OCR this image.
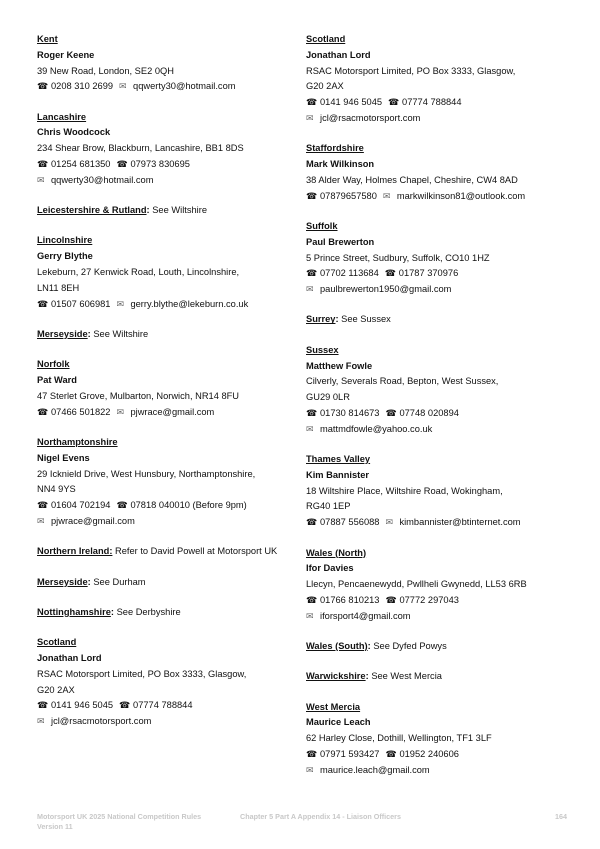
Kent
Roger Keene
39 New Road, London, SE2 0QH
☎ 0208 310 2699 ✉ qqwerty30@hotmail.com
Lancashire
Chris Woodcock
234 Shear Brow, Blackburn, Lancashire, BB1 8DS
☎ 01254 681350 ☎ 07973 830695
✉ qqwerty30@hotmail.com
Leicestershire & Rutland: See Wiltshire
Lincolnshire
Gerry Blythe
Lekeburn, 27 Kenwick Road, Louth, Lincolnshire,
LN11 8EH
☎ 01507 606981 ✉ gerry.blythe@lekeburn.co.uk
Merseyside: See Wiltshire
Norfolk
Pat Ward
47 Sterlet Grove, Mulbarton, Norwich, NR14 8FU
☎ 07466 501822 ✉ pjwrace@gmail.com
Northamptonshire
Nigel Evens
29 Icknield Drive, West Hunsbury, Northamptonshire,
NN4 9YS
☎ 01604 702194 ☎ 07818 040010 (Before 9pm)
✉ pjwrace@gmail.com
Northern Ireland: Refer to David Powell at Motorsport UK
Merseyside: See Durham
Nottinghamshire: See Derbyshire
Scotland
Jonathan Lord
RSAC Motorsport Limited, PO Box 3333, Glasgow,
G20 2AX
☎ 0141 946 5045 ☎ 07774 788844
✉ jcl@rsacmotorsport.com
Scotland
Jonathan Lord
RSAC Motorsport Limited, PO Box 3333, Glasgow,
G20 2AX
☎ 0141 946 5045 ☎ 07774 788844
✉ jcl@rsacmotorsport.com
Staffordshire
Mark Wilkinson
38 Alder Way, Holmes Chapel, Cheshire, CW4 8AD
☎ 07879657580 ✉ markwilkinson81@outlook.com
Suffolk
Paul Brewerton
5 Prince Street, Sudbury, Suffolk, CO10 1HZ
☎ 07702 113684 ☎ 01787 370976
✉ paulbrewerton1950@gmail.com
Surrey: See Sussex
Sussex
Matthew Fowle
Cilverly, Severals Road, Bepton, West Sussex,
GU29 0LR
☎ 01730 814673 ☎ 07748 020894
✉ mattmdfowle@yahoo.co.uk
Thames Valley
Kim Bannister
18 Wiltshire Place, Wiltshire Road, Wokingham,
RG40 1EP
☎ 07887 556088 ✉ kimbannister@btinternet.com
Wales (North)
Ifor Davies
Llecyn, Pencaenewydd, Pwllheli Gwynedd, LL53 6RB
☎ 01766 810213 ☎ 07772 297043
✉ iforsport4@gmail.com
Wales (South): See Dyfed Powys
Warwickshire: See West Mercia
West Mercia
Maurice Leach
62 Harley Close, Dothill, Wellington, TF1 3LF
☎ 07971 593427 ☎ 01952 240606
✉ maurice.leach@gmail.com
Motorsport UK 2025 National Competition Rules
Version 11
Chapter 5 Part A Appendix 14 - Liaison Officers	164
